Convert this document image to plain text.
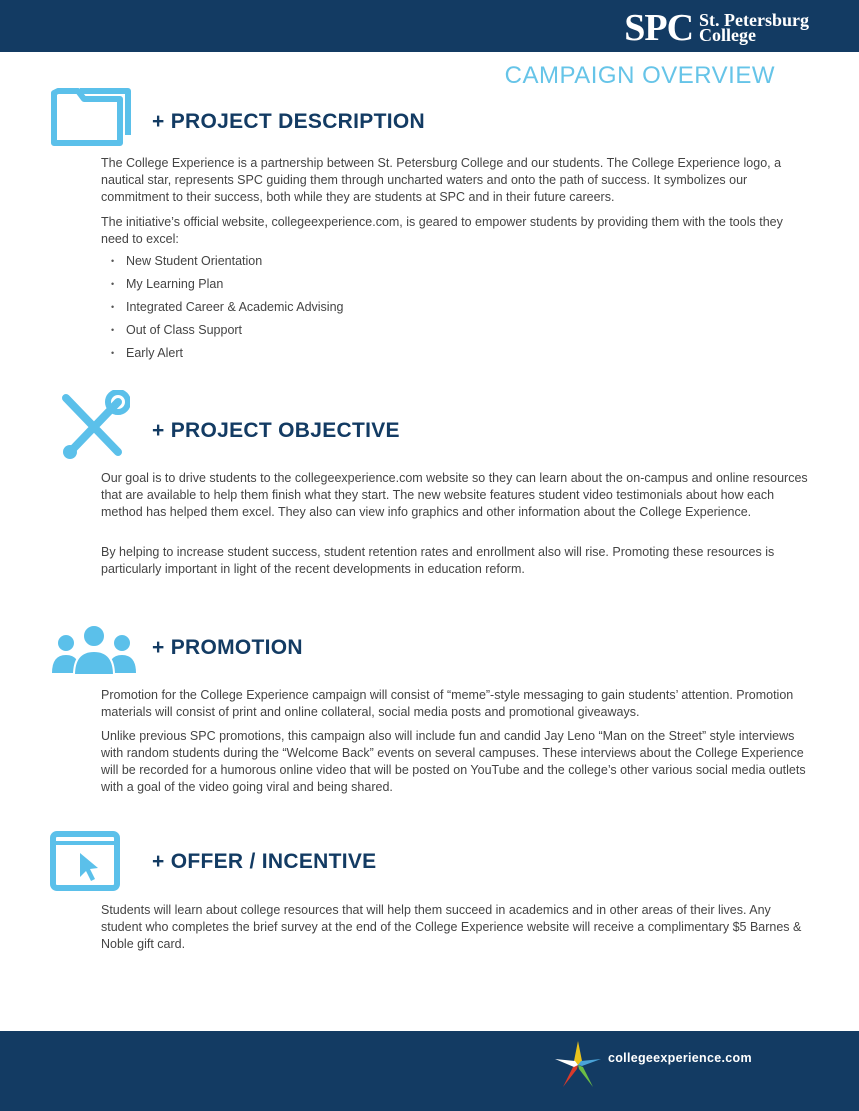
SPC St. Petersburg
College
CAMPAIGN OVERVIEW
+ PROJECT DESCRIPTION

The College Experience is a partnership between St. Petersburg College and our students. The College Experience logo, a nautical star, represents SPC guiding them through uncharted waters and onto the path of success. It symbolizes our commitment to their success, both while they are students at SPC and in their future careers.

The initiative’s official website, collegeexperience.com, is geared to empower students by providing them with the tools they need to excel:

• New Student Orientation
• My Learning Plan
• Integrated Career & Academic Advising
• Out of Class Support
• Early Alert
+ PROJECT OBJECTIVE

Our goal is to drive students to the collegeexperience.com website so they can learn about the on-campus and online resources that are available to help them finish what they start. The new website features student video testimonials about how each method has helped them excel. They also can view info graphics and other information about the College Experience.

By helping to increase student success, student retention rates and enrollment also will rise. Promoting these resources is particularly important in light of the recent developments in education reform.

+ PROMOTION

Promotion for the College Experience campaign will consist of “meme”-style messaging to gain students’ attention. Promotion materials will consist of print and online collateral, social media posts and promotional giveaways.

Unlike previous SPC promotions, this campaign also will include fun and candid Jay Leno “Man on the Street” style interviews with random students during the “Welcome Back” events on several campuses. These interviews about the College Experience will be recorded for a humorous online video that will be posted on YouTube and the college’s other various social media outlets with a goal of the video going viral and being shared.

+ OFFER / INCENTIVE

Students will learn about college resources that will help them succeed in academics and in other areas of their lives. Any student who completes the brief survey at the end of the College Experience website will receive a complimentary $5 Barnes & Noble gift card.

collegeexperience.com
